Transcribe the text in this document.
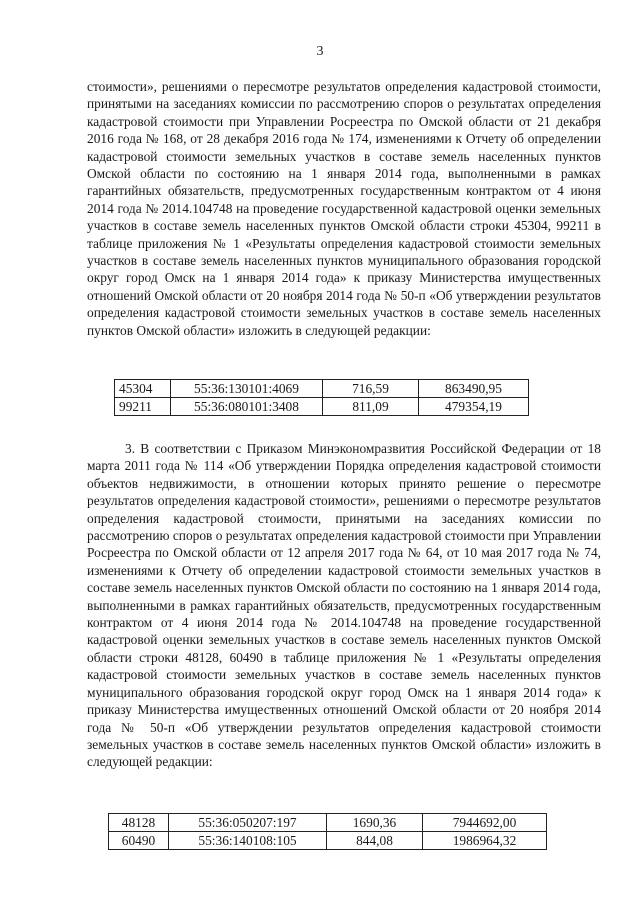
3

стоимости», решениями о пересмотре результатов определения кадастровой стоимости, принятыми на заседаниях комиссии по рассмотрению споров о результатах определения кадастровой стоимости при Управлении Росреестра по Омской области от 21 декабря 2016 года № 168, от 28 декабря 2016 года № 174, изменениями к Отчету об определении кадастровой стоимости земельных участков в составе земель населенных пунктов Омской области по состоянию на 1 января 2014 года, выполненными в рамках гарантийных обязательств, предусмотренных государственным контрактом от 4 июня 2014 года № 2014.104748 на проведение государственной кадастровой оценки земельных участков в составе земель населенных пунктов Омской области строки 45304, 99211 в таблице приложения № 1 «Результаты определения кадастровой стоимости земельных участков в составе земель населенных пунктов муниципального образования городской округ город Омск на 1 января 2014 года» к приказу Министерства имущественных отношений Омской области от 20 ноября 2014 года № 50-п «Об утверждении результатов определения кадастровой стоимости земельных участков в составе земель населенных пунктов Омской области» изложить в следующей редакции:

45304	55:36:130101:4069	716,59	863490,95
99211	55:36:080101:3408	811,09	479354,19

3. В соответствии с Приказом Минэкономразвития Российской Федерации от 18 марта 2011 года № 114 «Об утверждении Порядка определения кадастровой стоимости объектов недвижимости, в отношении которых принято решение о пересмотре результатов определения кадастровой стоимости», решениями о пересмотре результатов определения кадастровой стоимости, принятыми на заседаниях комиссии по рассмотрению споров о результатах определения кадастровой стоимости при Управлении Росреестра по Омской области от 12 апреля 2017 года № 64, от 10 мая 2017 года № 74, изменениями к Отчету об определении кадастровой стоимости земельных участков в составе земель населенных пунктов Омской области по состоянию на 1 января 2014 года, выполненными в рамках гарантийных обязательств, предусмотренных государственным контрактом от 4 июня 2014 года № 2014.104748 на проведение государственной кадастровой оценки земельных участков в составе земель населенных пунктов Омской области строки 48128, 60490 в таблице приложения № 1 «Результаты определения кадастровой стоимости земельных участков в составе земель населенных пунктов муниципального образования городской округ город Омск на 1 января 2014 года» к приказу Министерства имущественных отношений Омской области от 20 ноября 2014 года № 50-п «Об утверждении результатов определения кадастровой стоимости земельных участков в составе земель населенных пунктов Омской области» изложить в следующей редакции:

48128	55:36:050207:197	1690,36	7944692,00
60490	55:36:140108:105	844,08	1986964,32
